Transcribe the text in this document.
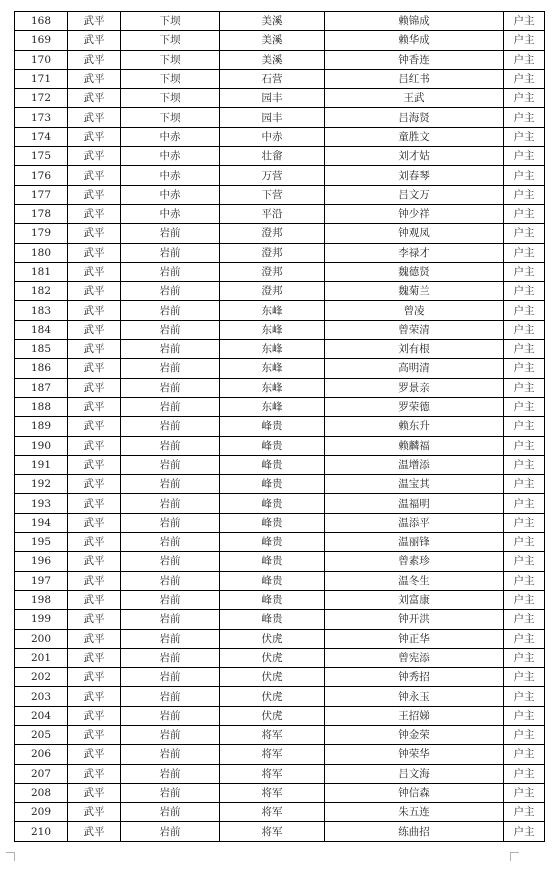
168	武平	下坝	美溪	赖锦成	户主
169	武平	下坝	美溪	赖华成	户主
170	武平	下坝	美溪	钟香连	户主
171	武平	下坝	石营	吕红书	户主
172	武平	下坝	园丰	王武	户主
173	武平	下坝	园丰	吕海贤	户主
174	武平	中赤	中赤	童胜文	户主
175	武平	中赤	壮畲	刘才姑	户主
176	武平	中赤	万营	刘春琴	户主
177	武平	中赤	下营	吕文万	户主
178	武平	中赤	平沿	钟少祥	户主
179	武平	岩前	澄邦	钟观凤	户主
180	武平	岩前	澄邦	李禄才	户主
181	武平	岩前	澄邦	魏德贤	户主
182	武平	岩前	澄邦	魏菊兰	户主
183	武平	岩前	东峰	曾凌	户主
184	武平	岩前	东峰	曾荣清	户主
185	武平	岩前	东峰	刘有根	户主
186	武平	岩前	东峰	高明清	户主
187	武平	岩前	东峰	罗景亲	户主
188	武平	岩前	东峰	罗荣德	户主
189	武平	岩前	峰贵	赖东升	户主
190	武平	岩前	峰贵	赖麟福	户主
191	武平	岩前	峰贵	温增添	户主
192	武平	岩前	峰贵	温宝其	户主
193	武平	岩前	峰贵	温福明	户主
194	武平	岩前	峰贵	温添平	户主
195	武平	岩前	峰贵	温丽锋	户主
196	武平	岩前	峰贵	曾素珍	户主
197	武平	岩前	峰贵	温冬生	户主
198	武平	岩前	峰贵	刘富康	户主
199	武平	岩前	峰贵	钟开洪	户主
200	武平	岩前	伏虎	钟正华	户主
201	武平	岩前	伏虎	曾宪添	户主
202	武平	岩前	伏虎	钟秀招	户主
203	武平	岩前	伏虎	钟永玉	户主
204	武平	岩前	伏虎	王招娣	户主
205	武平	岩前	将军	钟金荣	户主
206	武平	岩前	将军	钟荣华	户主
207	武平	岩前	将军	吕文海	户主
208	武平	岩前	将军	钟信森	户主
209	武平	岩前	将军	朱五连	户主
210	武平	岩前	将军	练曲招	户主
